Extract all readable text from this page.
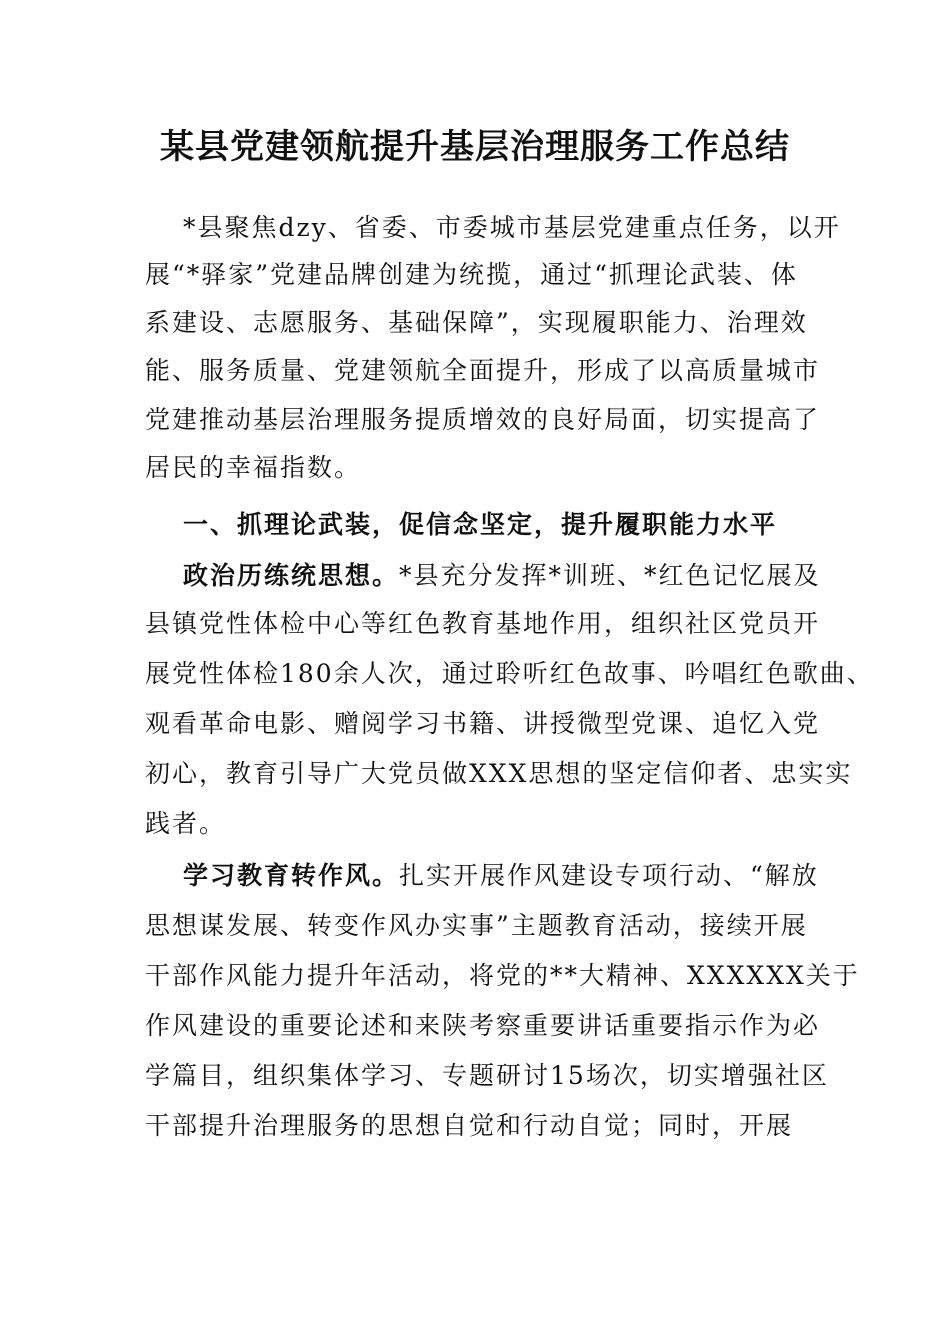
某县党建领航提升基层治理服务工作总结
*县聚焦dzy、省委、市委城市基层党建重点任务，以开
展“*驿家”党建品牌创建为统揽，通过“抓理论武装、体
系建设、志愿服务、基础保障”，实现履职能力、治理效
能、服务质量、党建领航全面提升，形成了以高质量城市
党建推动基层治理服务提质增效的良好局面，切实提高了
居民的幸福指数。
一、抓理论武装，促信念坚定，提升履职能力水平
政治历练统思想。*县充分发挥*训班、*红色记忆展及
县镇党性体检中心等红色教育基地作用，组织社区党员开
展党性体检180余人次，通过聆听红色故事、吟唱红色歌曲、
观看革命电影、赠阅学习书籍、讲授微型党课、追忆入党
初心，教育引导广大党员做XXX思想的坚定信仰者、忠实实
践者。
学习教育转作风。扎实开展作风建设专项行动、“解放
思想谋发展、转变作风办实事”主题教育活动，接续开展
干部作风能力提升年活动，将党的**大精神、XXXXXX关于
作风建设的重要论述和来陕考察重要讲话重要指示作为必
学篇目，组织集体学习、专题研讨15场次，切实增强社区
干部提升治理服务的思想自觉和行动自觉；同时，开展
